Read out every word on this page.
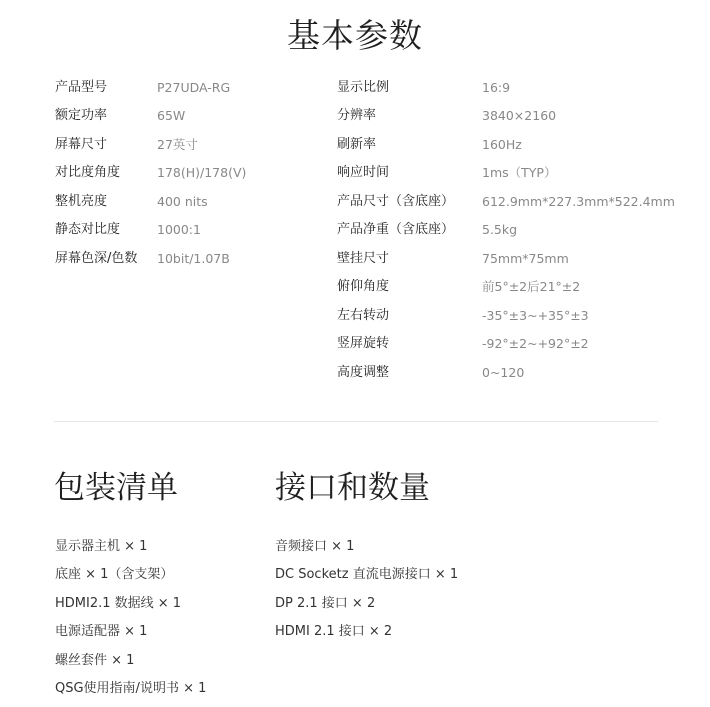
基本参数
产品型号	P27UDA-RG
额定功率	65W
屏幕尺寸	27英寸
对比度角度	178(H)/178(V)
整机亮度	400 nits
静态对比度	1000:1
屏幕色深/色数 10bit/1.07B
显示比例	16:9
分辨率	3840×2160
刷新率	160Hz
响应时间	1ms（TYP）
产品尺寸（含底座） 612.9mm*227.3mm*522.4mm
产品净重（含底座） 5.5kg
壁挂尺寸	75mm*75mm
俯仰角度	前5°±2后21°±2
左右转动	-35°±3~+35°±3
竖屏旋转	-92°±2~+92°±2
高度调整	0~120
包装清单
显示器主机 × 1
底座 × 1（含支架）
HDMI2.1 数据线 × 1
电源适配器 × 1
螺丝套件 × 1
QSG使用指南/说明书 × 1
接口和数量
音频接口 × 1
DC Socketz 直流电源接口 × 1
DP 2.1 接口 × 2
HDMI 2.1 接口 × 2
